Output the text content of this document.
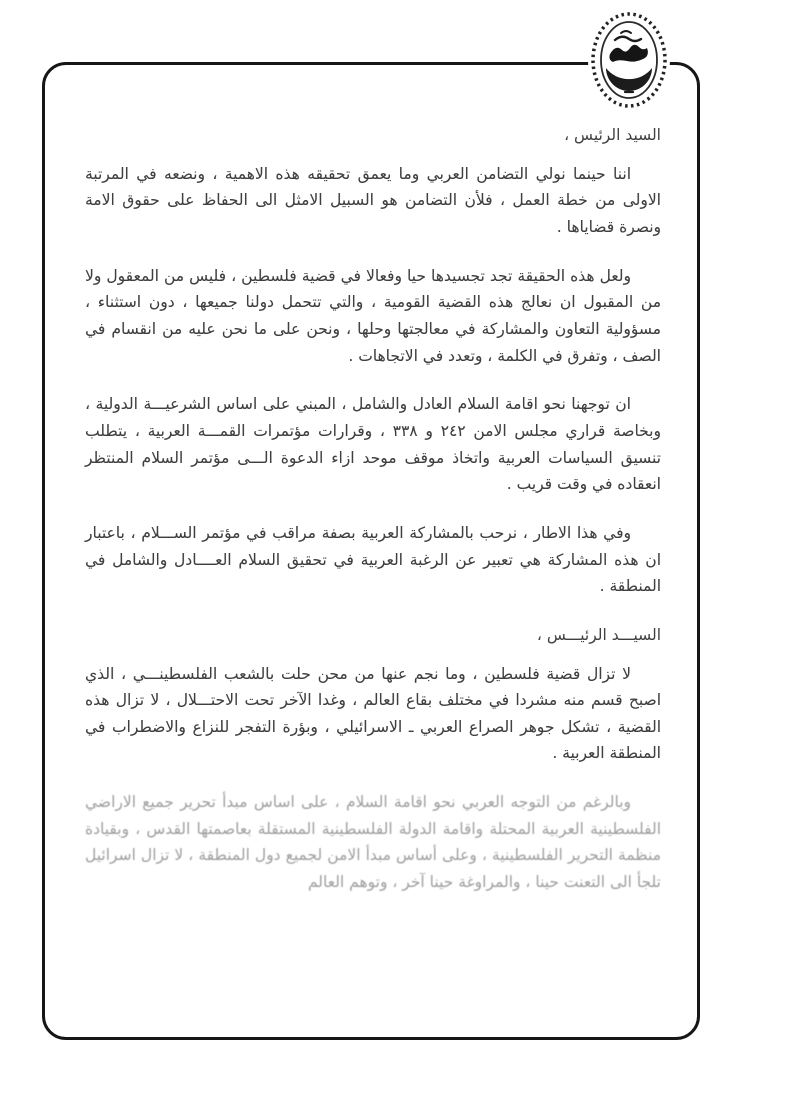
السيد الرئيس ،

اننا حينما نولي التضامن العربي وما يعمق تحقيقه هذه الاهمية ، ونضعه في المرتبة الاولى من خطة العمل ، فلأن التضامن هو السبيل الامثل الى الحفاظ على حقوق الامة ونصرة قضاياها .

ولعل هذه الحقيقة تجد تجسيدها حيا وفعالا في قضية فلسطين ، فليس من المعقول ولا من المقبول ان نعالج هذه القضية القومية ، والتي تتحمل دولنا جميعها ، دون استثناء ، مسؤولية التعاون والمشاركة في معالجتها وحلها ، ونحن على ما نحن عليه من انقسام في الصف ، وتفرق في الكلمة ، وتعدد في الاتجاهات .

ان توجهنا نحو اقامة السلام العادل والشامل ، المبني على اساس الشرعيـــة الدولية ، وبخاصة قراري مجلس الامن ٢٤٢ و ٣٣٨ ، وقرارات مؤتمرات القمـــة العربية ، يتطلب تنسيق السياسات العربية واتخاذ موقف موحد ازاء الدعوة الـــى مؤتمر السلام المنتظر انعقاده في وقت قريب .

وفي هذا الاطار ، نرحب بالمشاركة العربية بصفة مراقب في مؤتمر الســـلام ، باعتبار ان هذه المشاركة هي تعبير عن الرغبة العربية في تحقيق السلام العــــادل والشامل في المنطقة .

السيـــد الرئيـــس ،

لا تزال قضية فلسطين ، وما نجم عنها من محن حلت بالشعب الفلسطينـــي ، الذي اصبح قسم منه مشردا في مختلف بقاع العالم ، وغدا الآخر تحت الاحتـــلال ، لا تزال هذه القضية ، تشكل جوهر الصراع العربي ـ الاسرائيلي ، وبؤرة التفجر للنزاع والاضطراب في المنطقة العربية .

وبالرغم من التوجه العربي نحو اقامة السلام ، على اساس مبدأ تحرير جميع الاراضي الفلسطينية العربية المحتلة واقامة الدولة الفلسطينية المستقلة بعاصمتها القدس ، وبقيادة منظمة التحرير الفلسطينية ، وعلى أساس مبدأ الامن لجميع دول المنطقة ، لا تزال اسرائيل تلجأ الى التعنت حينا ، والمراوغة حينا آخر ، وتوهم العالم
